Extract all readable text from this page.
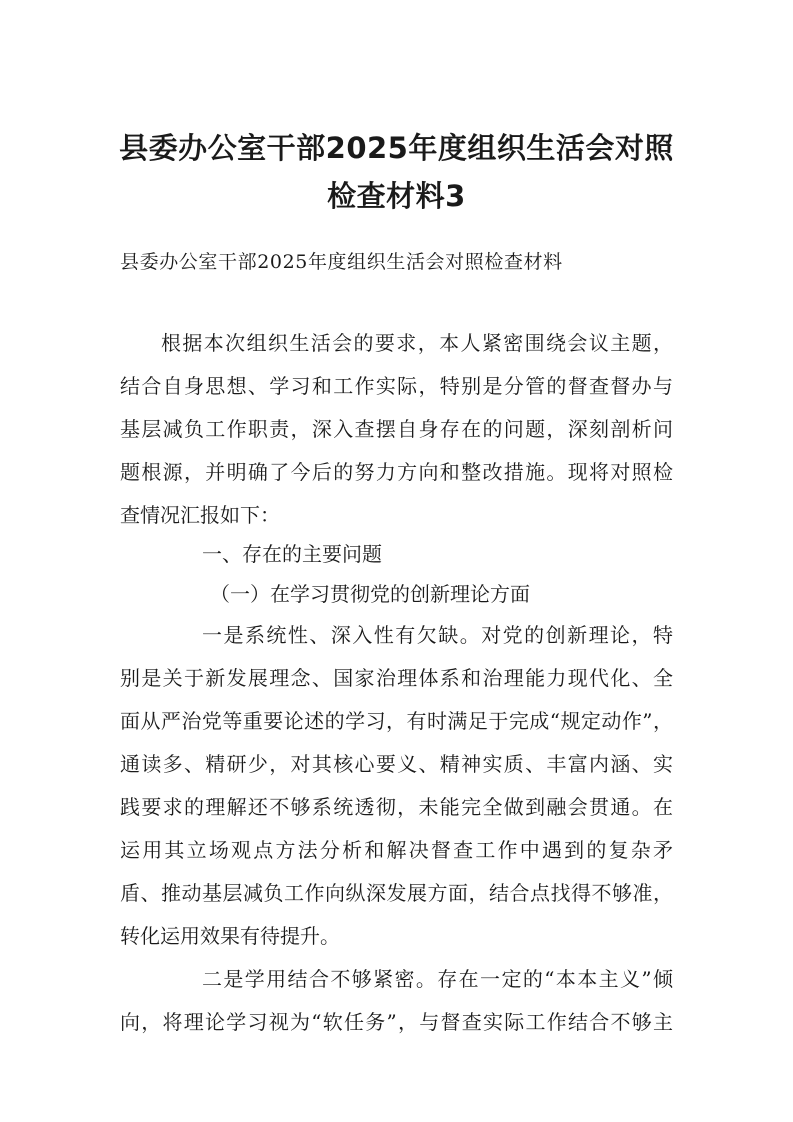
县委办公室干部2025年度组织生活会对照
检查材料3
县委办公室干部2025年度组织生活会对照检查材料
根据本次组织生活会的要求，本人紧密围绕会议主题，
结合自身思想、学习和工作实际，特别是分管的督查督办与
基层减负工作职责，深入查摆自身存在的问题，深刻剖析问
题根源，并明确了今后的努力方向和整改措施。现将对照检
查情况汇报如下：
一、存在的主要问题
（一）在学习贯彻党的创新理论方面
一是系统性、深入性有欠缺。对党的创新理论，特
别是关于新发展理念、国家治理体系和治理能力现代化、全
面从严治党等重要论述的学习，有时满足于完成“规定动作”，
通读多、精研少，对其核心要义、精神实质、丰富内涵、实
践要求的理解还不够系统透彻，未能完全做到融会贯通。在
运用其立场观点方法分析和解决督查工作中遇到的复杂矛
盾、推动基层减负工作向纵深发展方面，结合点找得不够准，
转化运用效果有待提升。
二是学用结合不够紧密。存在一定的“本本主义”倾
向，将理论学习视为“软任务”，与督查实际工作结合不够主
